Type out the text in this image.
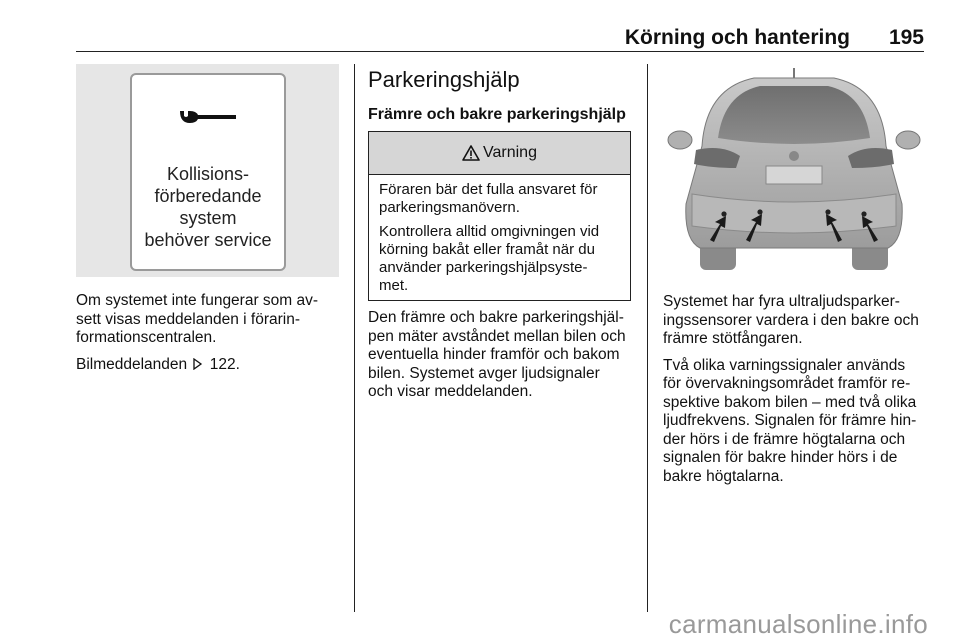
Körning och hantering 195
Kollisions-
förberedande
system
behöver service

Om systemet inte fungerar som av-
sett visas meddelanden i förarin-
formationscentralen.

Bilmeddelanden 122.

Parkeringshjälp
Främre och bakre parkeringshjälp
Varning

Föraren bär det fulla ansvaret för
parkeringsmanövern.

Kontrollera alltid omgivningen vid
körning bakåt eller framåt när du
använder parkeringshjälpsyste-
met.

Den främre och bakre parkeringshjäl-
pen mäter avståndet mellan bilen och
eventuella hinder framför och bakom
bilen. Systemet avger ljudsignaler
och visar meddelanden.

Systemet har fyra ultraljudsparker-
ingssensorer vardera i den bakre och
främre stötfångaren.

Två olika varningssignaler används
för övervakningsområdet framför re-
spektive bakom bilen – med två olika
ljudfrekvens. Signalen för främre hin-
der hörs i de främre högtalarna och
signalen för bakre hinder hörs i de
bakre högtalarna.

carmanualsonline.info
